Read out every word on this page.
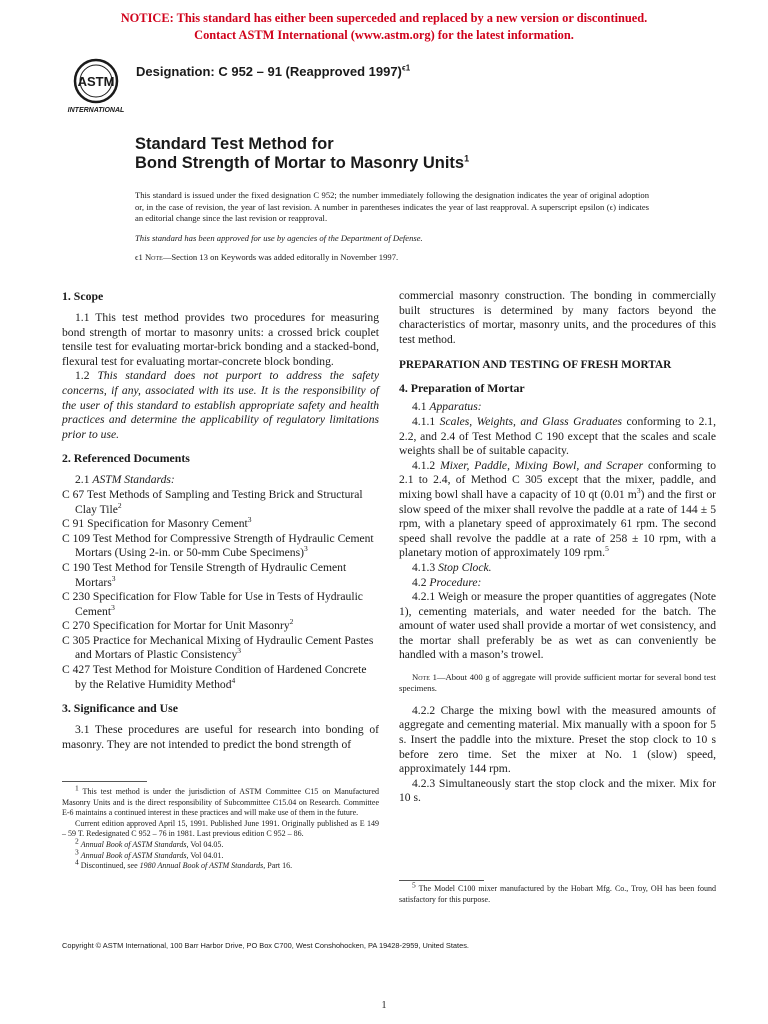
NOTICE: This standard has either been superceded and replaced by a new version or discontinued.
Contact ASTM International (www.astm.org) for the latest information.
ASTM
INTERNATIONAL
Designation: C 952 – 91 (Reapproved 1997)$^{\epsilon 1}$
Standard Test Method for
Bond Strength of Mortar to Masonry Units$^1$

This standard is issued under the fixed designation C 952; the number immediately following the designation indicates the year of original adoption or, in the case of revision, the year of last revision. A number in parentheses indicates the year of last reapproval. A superscript epsilon (ϵ) indicates an editorial change since the last revision or reapproval.

This standard has been approved for use by agencies of the Department of Defense.

ϵ1 Note—Section 13 on Keywords was added editorally in November 1997.

1. Scope

1.1 This test method provides two procedures for measuring bond strength of mortar to masonry units: a crossed brick couplet tensile test for evaluating mortar-brick bonding and a stacked-bond, flexural test for evaluating mortar-concrete block bonding.

1.2 This standard does not purport to address the safety concerns, if any, associated with its use. It is the responsibility of the user of this standard to establish appropriate safety and health practices and determine the applicability of regulatory limitations prior to use.

2. Referenced Documents

2.1 ASTM Standards:

C 67 Test Methods of Sampling and Testing Brick and Structural Clay Tile$^2$

C 91 Specification for Masonry Cement$^3$

C 109 Test Method for Compressive Strength of Hydraulic Cement Mortars (Using 2-in. or 50-mm Cube Specimens)$^3$

C 190 Test Method for Tensile Strength of Hydraulic Cement Mortars$^3$

C 230 Specification for Flow Table for Use in Tests of Hydraulic Cement$^3$

C 270 Specification for Mortar for Unit Masonry$^2$

C 305 Practice for Mechanical Mixing of Hydraulic Cement Pastes and Mortars of Plastic Consistency$^3$

C 427 Test Method for Moisture Condition of Hardened Concrete by the Relative Humidity Method$^4$

3. Significance and Use

3.1 These procedures are useful for research into bonding of masonry. They are not intended to predict the bond strength of

commercial masonry construction. The bonding in commercially built structures is determined by many factors beyond the characteristics of mortar, masonry units, and the procedures of this test method.

PREPARATION AND TESTING OF FRESH MORTAR
4. Preparation of Mortar

4.1 Apparatus:

4.1.1 Scales, Weights, and Glass Graduates conforming to 2.1, 2.2, and 2.4 of Test Method C 190 except that the scales and scale weights shall be of suitable capacity.

4.1.2 Mixer, Paddle, Mixing Bowl, and Scraper conforming to 2.1 to 2.4, of Method C 305 except that the mixer, paddle, and mixing bowl shall have a capacity of 10 qt (0.01 $m^3$) and the first or slow speed of the mixer shall revolve the paddle at a rate of 144 ± 5 rpm, with a planetary speed of approximately 61 rpm. The second speed shall revolve the paddle at a rate of 258 ± 10 rpm, with a planetary motion of approximately 109 rpm.$^5$

4.1.3 Stop Clock.

4.2 Procedure:

4.2.1 Weigh or measure the proper quantities of aggregates (Note 1), cementing materials, and water needed for the batch. The amount of water used shall provide a mortar of wet consistency, and the mortar shall preferably be as wet as can conveniently be handled with a mason’s trowel.

Note 1—About 400 g of aggregate will provide sufficient mortar for several bond test specimens.

4.2.2 Charge the mixing bowl with the measured amounts of aggregate and cementing material. Mix manually with a spoon for 5 s. Insert the paddle into the mixture. Preset the stop clock to 10 s before zero time. Set the mixer at No. 1 (slow) speed, approximately 144 rpm.

4.2.3 Simultaneously start the stop clock and the mixer. Mix for 10 s.

$^1$ This test method is under the jurisdiction of ASTM Committee C15 on Manufactured Masonry Units and is the direct responsibility of Subcommittee C15.04 on Research. Committee E-6 maintains a continued interest in these practices and will make use of them in the future.

Current edition approved April 15, 1991. Published June 1991. Originally published as E 149 – 59 T. Redesignated C 952 – 76 in 1981. Last previous edition C 952 – 86.

$^2$ Annual Book of ASTM Standards, Vol 04.05.

$^3$ Annual Book of ASTM Standards, Vol 04.01.

$^4$ Discontinued, see 1980 Annual Book of ASTM Standards, Part 16.

$^5$ The Model C100 mixer manufactured by the Hobart Mfg. Co., Troy, OH has been found satisfactory for this purpose.

Copyright © ASTM International, 100 Barr Harbor Drive, PO Box C700, West Conshohocken, PA 19428-2959, United States.
1
